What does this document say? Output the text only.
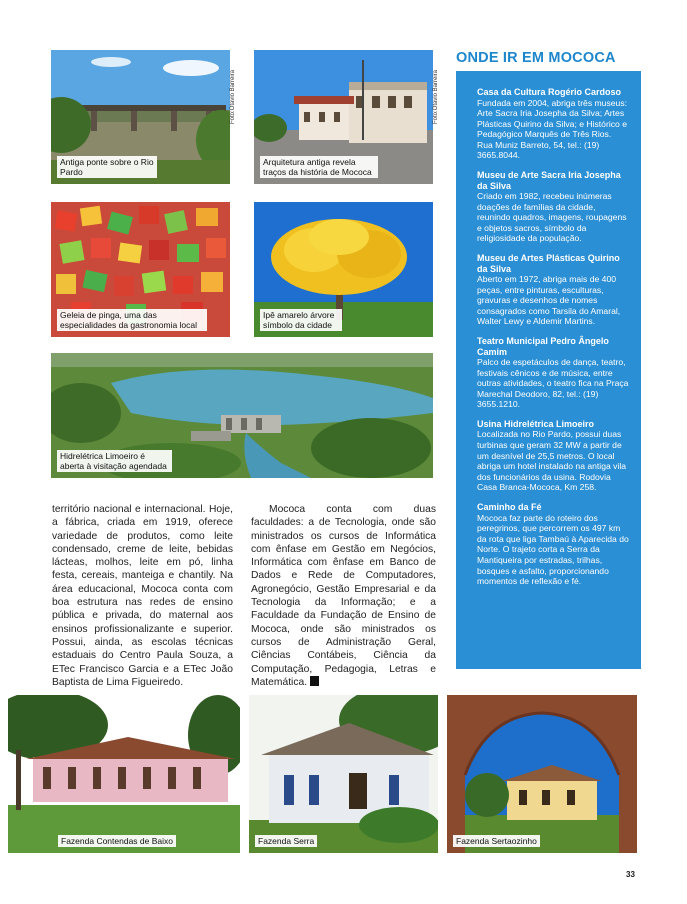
Antiga ponte sobre o Rio Pardo
Foto:Otavio Barreira
Arquitetura antiga revela traços da história de Mococa
Foto:Otavio Barreira
Geleia de pinga, uma das especialidades da gastronomia local
Ipê amarelo árvore símbolo da cidade
Hidrelétrica Limoeiro é aberta à visitação agendada
ONDE IR EM MOCOCA
Casa da Cultura Rogério Cardoso
Fundada em 2004, abriga três museus: Arte Sacra Iria Josepha da Silva; Artes Plásticas Quirino da Silva; e Histórico e Pedagógico Marquês de Três Rios. Rua Muniz Barreto, 54, tel.: (19) 3665.8044.
Museu de Arte Sacra Iria Josepha da Silva
Criado em 1982, recebeu inúmeras doações de famílias da cidade, reunindo quadros, imagens, roupagens e objetos sacros, símbolo da religiosidade da população.
Museu de Artes Plásticas Quirino da Silva
Aberto em 1972, abriga mais de 400 peças, entre pinturas, esculturas, gravuras e desenhos de nomes consagrados como Tarsila do Amaral, Walter Lewy e Aldemir Martins.
Teatro Municipal Pedro Ângelo Camim
Palco de espetáculos de dança, teatro, festivais cênicos e de música, entre outras atividades, o teatro fica na Praça Marechal Deodoro, 82, tel.: (19) 3655.1210.
Usina Hidrelétrica Limoeiro
Localizada no Rio Pardo, possui duas turbinas que geram 32 MW a partir de um desnível de 25,5 metros. O local abriga um hotel instalado na antiga vila dos funcionários da usina. Rodovia Casa Branca-Mococa, Km 258.
Caminho da Fé
Mococa faz parte do roteiro dos peregrinos, que percorrem os 497 km da rota que liga Tambaú à Aparecida do Norte. O trajeto corta a Serra da Mantiqueira por estradas, trilhas, bosques e asfalto, proporcionando momentos de reflexão e fé.
território nacional e internacional. Hoje, a fábrica, criada em 1919, oferece variedade de produtos, como leite condensado, creme de leite, bebidas lácteas, molhos, leite em pó, linha festa, cereais, manteiga e chantily. Na área educacional, Mococa conta com boa estrutura nas redes de ensino pública e privada, do maternal aos ensinos profissionalizante e superior. Possui, ainda, as escolas técnicas estaduais do Centro Paula Souza, a ETec Francisco Garcia e a ETec João Baptista de Lima Figueiredo.
Mococa conta com duas faculdades: a de Tecnologia, onde são ministrados os cursos de Informática com ênfase em Gestão em Negócios, Informática com ênfase em Banco de Dados e Rede de Computadores, Agronegócio, Gestão Empresarial e da Tecnologia da Informação; e a Faculdade da Fundação de Ensino de Mococa, onde são ministrados os cursos de Administração Geral, Ciências Contábeis, Ciência da Computação, Pedagogia, Letras e Matemática.
Fazenda Contendas de Baixo	Fazenda Serra	Fazenda Sertaozinho
33
